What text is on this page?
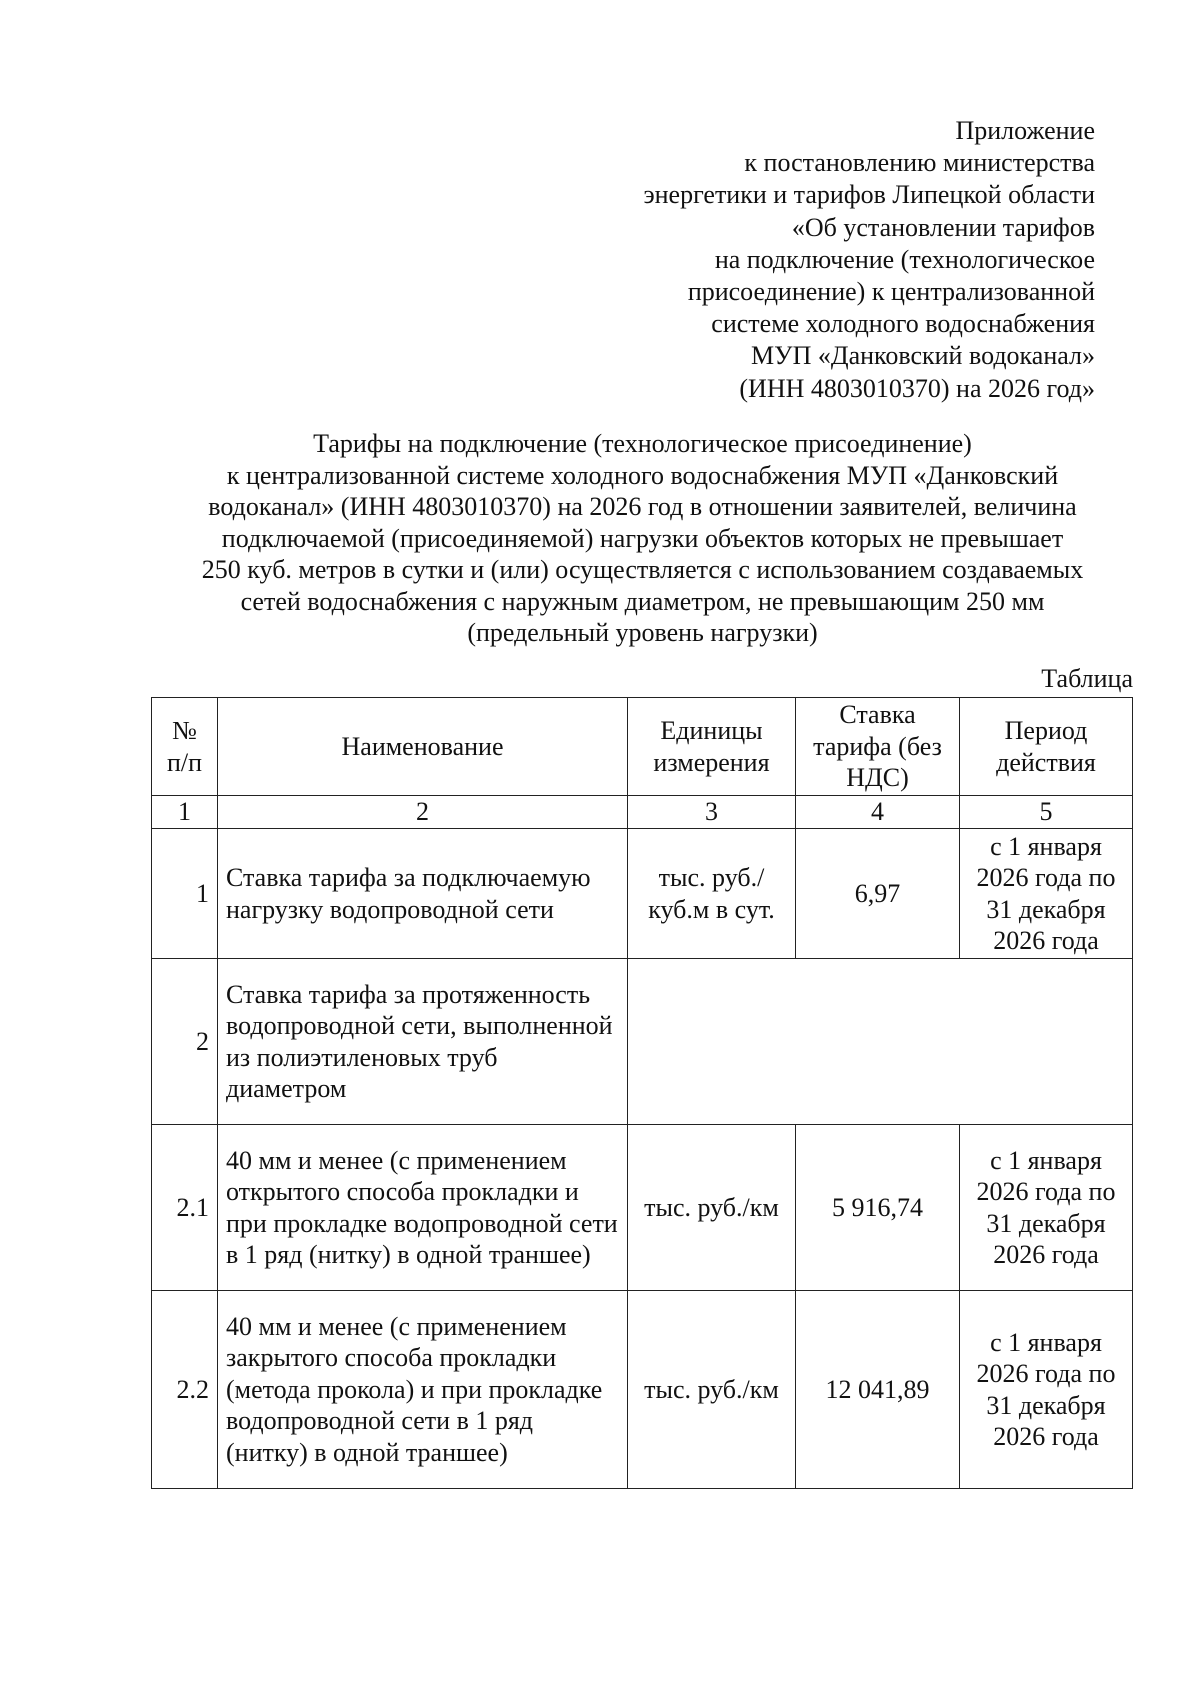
Приложение
к постановлению министерства
энергетики и тарифов Липецкой области
«Об установлении тарифов
на подключение (технологическое
присоединение) к централизованной
системе холодного водоснабжения
МУП «Данковский водоканал»
(ИНН 4803010370) на 2026 год»
Тарифы на подключение (технологическое присоединение)
к централизованной системе холодного водоснабжения МУП «Данковский
водоканал» (ИНН 4803010370) на 2026 год в отношении заявителей, величина
подключаемой (присоединяемой) нагрузки объектов которых не превышает
250 куб. метров в сутки и (или) осуществляется с использованием создаваемых
сетей водоснабжения с наружным диаметром, не превышающим 250 мм
(предельный уровень нагрузки)
Таблица
№ п/п	Наименование	Единицы измерения	Ставка тарифа (без НДС)	Период действия
1	2	3	4	5
1	Ставка тарифа за подключаемую нагрузку водопроводной сети	тыс. руб./ куб.м в сут.	6,97	с 1 января 2026 года по 31 декабря 2026 года
2	Ставка тарифа за протяженность водопроводной сети, выполненной из полиэтиленовых труб диаметром			
2.1	40 мм и менее (с применением открытого способа прокладки и при прокладке водопроводной сети в 1 ряд (нитку) в одной траншее)	тыс. руб./км	5 916,74	с 1 января 2026 года по 31 декабря 2026 года
2.2	40 мм и менее (с применением закрытого способа прокладки (метода прокола) и при прокладке водопроводной сети в 1 ряд (нитку) в одной траншее)	тыс. руб./км	12 041,89	с 1 января 2026 года по 31 декабря 2026 года
